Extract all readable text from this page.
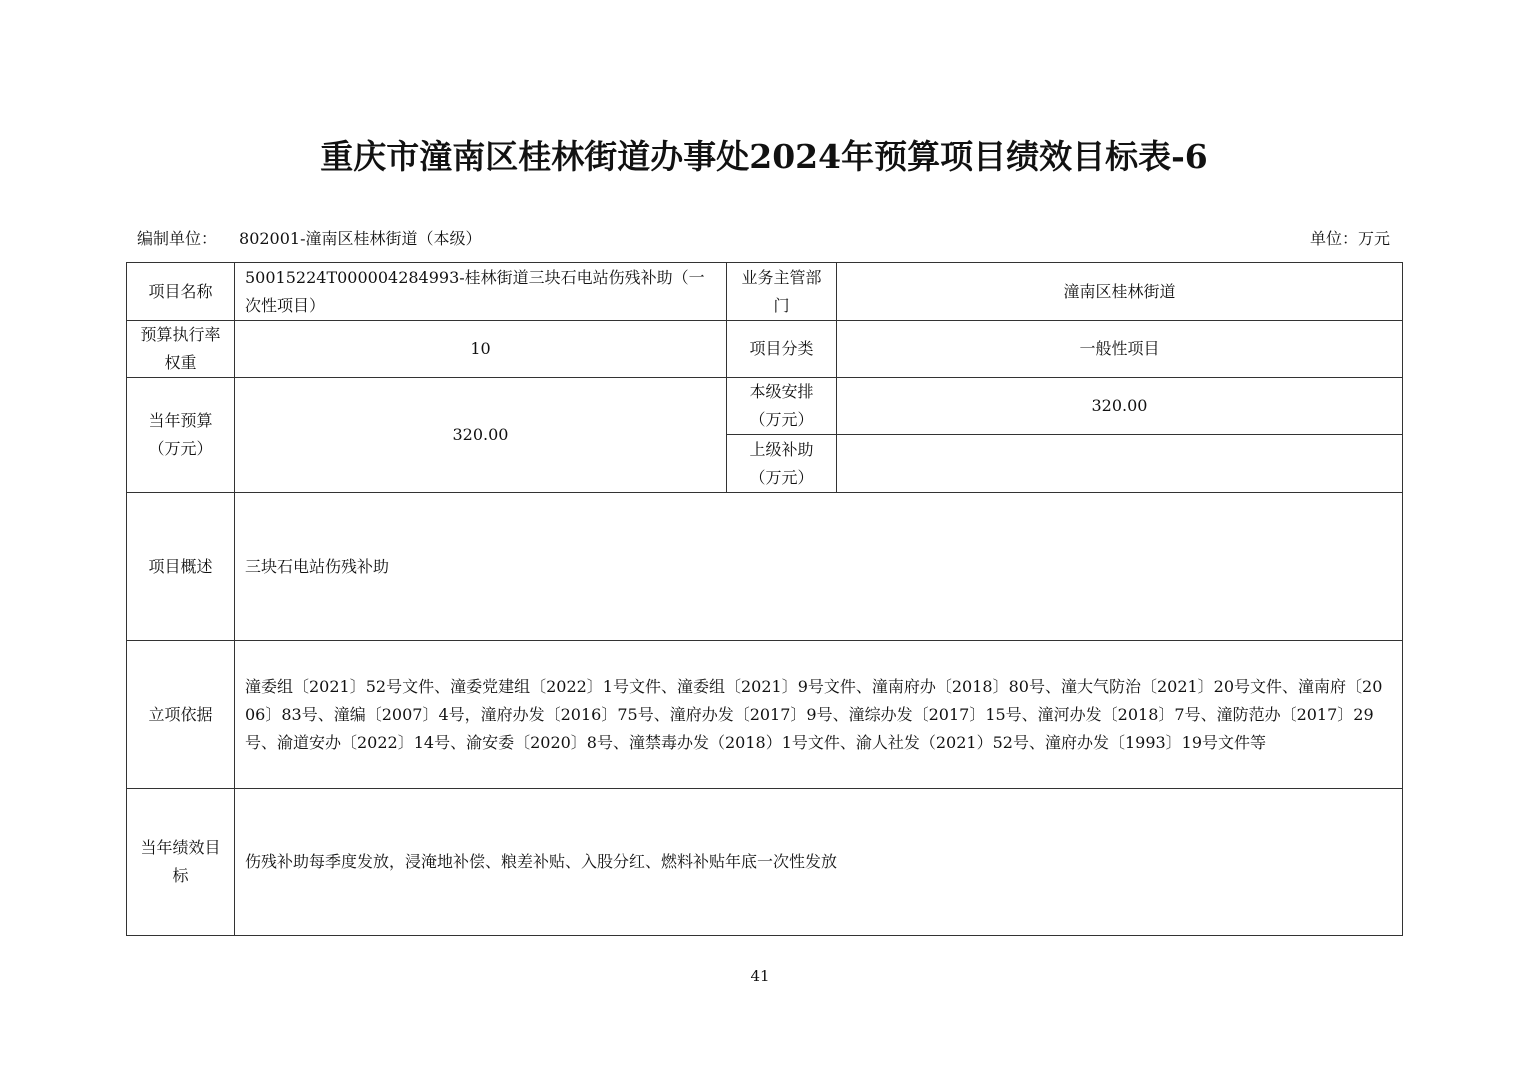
重庆市潼南区桂林街道办事处2024年预算项目绩效目标表-6
编制单位： 802001-潼南区桂林街道（本级）	单位：万元
项目名称	50015224T000004284993-桂林街道三块石电站伤残补助（一次性项目）	业务主管部门	潼南区桂林街道
预算执行率权重	10	项目分类	一般性项目
当年预算（万元）	320.00	本级安排（万元）	320.00
		上级补助（万元）	
项目概述	三块石电站伤残补助		
立项依据	潼委组〔2021〕52号文件、潼委党建组〔2022〕1号文件、潼委组〔2021〕9号文件、潼南府办〔2018〕80号、潼大气防治〔2021〕20号文件、潼南府〔2006〕83号、潼编〔2007〕4号，潼府办发〔2016〕75号、潼府办发〔2017〕9号、潼综办发〔2017〕15号、潼河办发〔2018〕7号、潼防范办〔2017〕29号、渝道安办〔2022〕14号、渝安委〔2020〕8号、潼禁毒办发（2018）1号文件、渝人社发（2021）52号、潼府办发〔1993〕19号文件等		
当年绩效目标	伤残补助每季度发放，浸淹地补偿、粮差补贴、入股分红、燃料补贴年底一次性发放		
41
